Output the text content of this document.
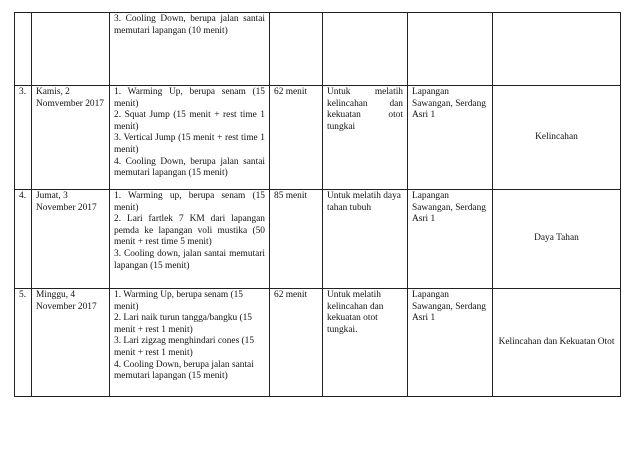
		3. Cooling Down, berupa jalan santai memutari lapangan (10 menit)				

3.	Kamis, 2 Nomvember 2017	1. Warming Up, berupa senam (15 menit)
2. Squat Jump (15 menit + rest time 1 menit)
3. Vertical Jump (15 menit + rest time 1 menit)
4. Cooling Down, berupa jalan santai memutari lapangan (15 menit)	62 menit	Untuk melatih kelincahan dan kekuatan otot tungkai	Lapangan Sawangan, Serdang Asri 1	Kelincahan
4.	Jumat, 3 November 2017	1. Warming up, berupa senam (15 menit)
2. Lari fartlek 7 KM dari lapangan pemda ke lapangan voli mustika (50 menit + rest time 5 menit)
3. Cooling down, jalan santai memutari lapangan (15 menit)	85 menit	Untuk melatih daya tahan tubuh	Lapangan Sawangan, Serdang Asri 1	Daya Tahan
5.	Minggu, 4 November 2017	1. Warming Up, berupa senam (15 menit)
2. Lari naik turun tangga/bangku (15 menit + rest 1 menit)
3. Lari zigzag menghindari cones (15 menit + rest 1 menit)
4. Cooling Down, berupa jalan santai memutari lapangan (15 menit)	62 menit	Untuk melatih kelincahan dan kekuatan otot tungkai.	Lapangan Sawangan, Serdang Asri 1	Kelincahan dan Kekuatan Otot
